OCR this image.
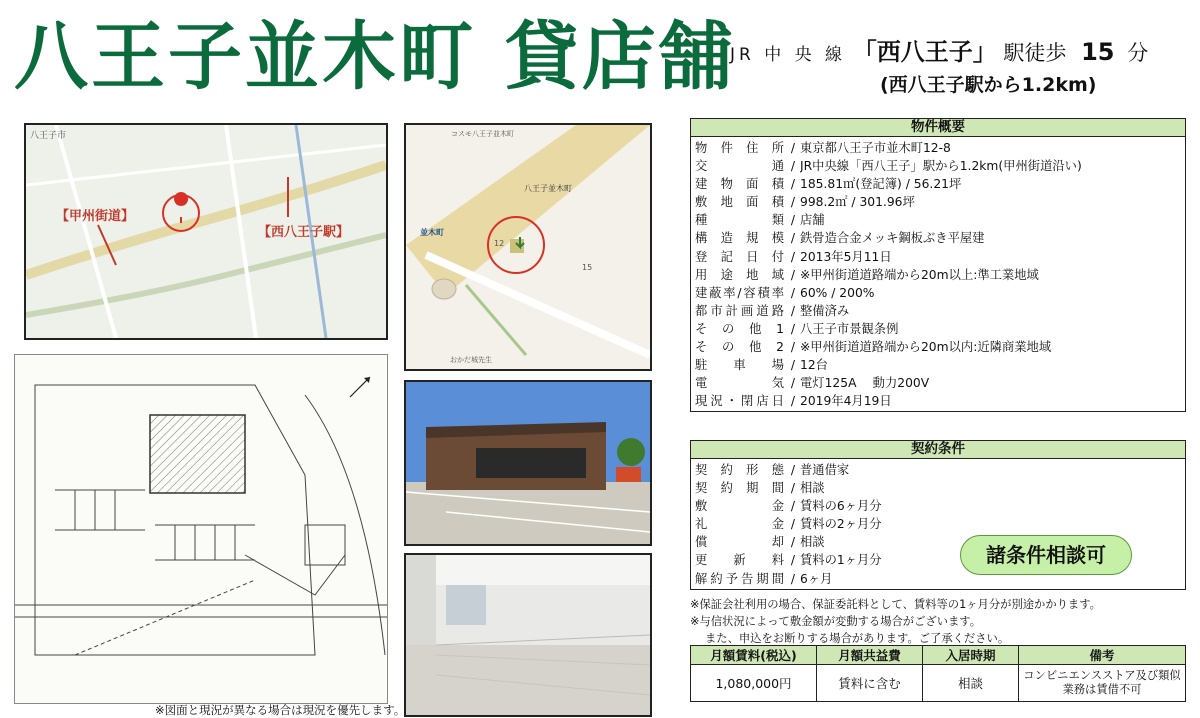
八王子並木町 貸店舗
JR 中 央 線 「西八王子」 駅徒歩 15 分
(西八王子駅から1.2km)
【甲州街道】
【西八王子駅】
八王子市	コスモ八王子並木町
八王子並木町
並木町
12
15
おかだ城先生
※図面と現況が異なる場合は現況を優先します。
物件概要
物件住所 / 東京都八王子市並木町12-8
交通 / JR中央線「西八王子」駅から1.2km(甲州街道沿い)
建物面積 / 185.81㎡(登記簿) / 56.21坪
敷地面積 / 998.2㎡ / 301.96坪
種類 / 店舗
構造規模 / 鉄骨造合金メッキ鋼板ぶき平屋建
登記日付 / 2013年5月11日
用途地域 / ※甲州街道道路端から20m以上:準工業地域
建蔽率/容積率 / 60% / 200%
都市計画道路 / 整備済み
その他1 / 八王子市景観条例
その他2 / ※甲州街道道路端から20m以内:近隣商業地域
駐車場 / 12台
電気 / 電灯125A　 動力200V
現況・閉店日 / 2019年4月19日
契約条件
契約形態 / 普通借家
契約期間 / 相談
敷金 / 賃料の6ヶ月分
礼金 / 賃料の2ヶ月分
償却 / 相談
更新料 / 賃料の1ヶ月分
解約予告期間 / 6ヶ月
諸条件相談可
※保証会社利用の場合、保証委託料として、賃料等の1ヶ月分が別途かかります。
※与信状況によって敷金額が変動する場合がございます。
また、申込をお断りする場合があります。ご了承ください。
月額賃料(税込)	月額共益費	入居時期	備考
1,080,000円	賃料に含む	相談	コンビニエンスストア及び類似業務は賃借不可
